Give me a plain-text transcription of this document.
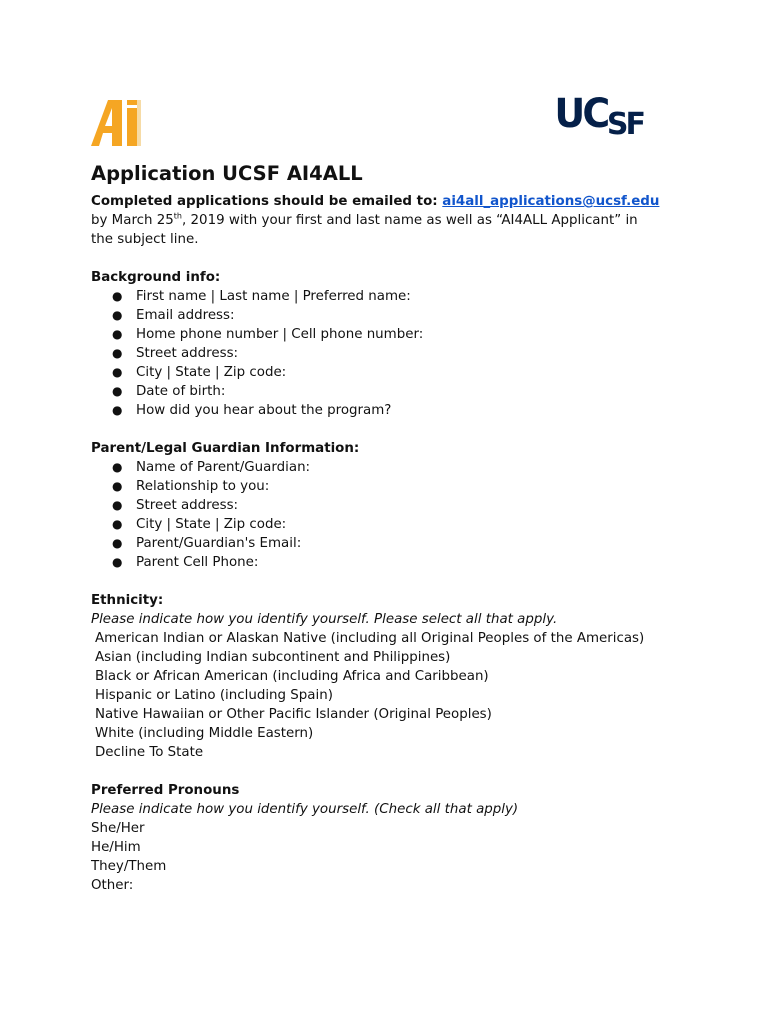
UCSF
Application UCSF AI4ALL

Completed applications should be emailed to: ai4all_applications@ucsf.edu

by March 25th, 2019 with your first and last name as well as “AI4ALL Applicant” in

the subject line.

Background info:

● First name | Last name | Preferred name:
● Email address:
● Home phone number | Cell phone number:
● Street address:
● City | State | Zip code:
● Date of birth:
● How did you hear about the program?

Parent/Legal Guardian Information:

● Name of Parent/Guardian:
● Relationship to you:
● Street address:
● City | State | Zip code:
● Parent/Guardian's Email:
● Parent Cell Phone:

Ethnicity:

Please indicate how you identify yourself. Please select all that apply.

American Indian or Alaskan Native (including all Original Peoples of the Americas)

Asian (including Indian subcontinent and Philippines)

Black or African American (including Africa and Caribbean)

Hispanic or Latino (including Spain)

Native Hawaiian or Other Pacific Islander (Original Peoples)

White (including Middle Eastern)

Decline To State

Preferred Pronouns

Please indicate how you identify yourself. (Check all that apply)

She/Her

He/Him

They/Them

Other:
